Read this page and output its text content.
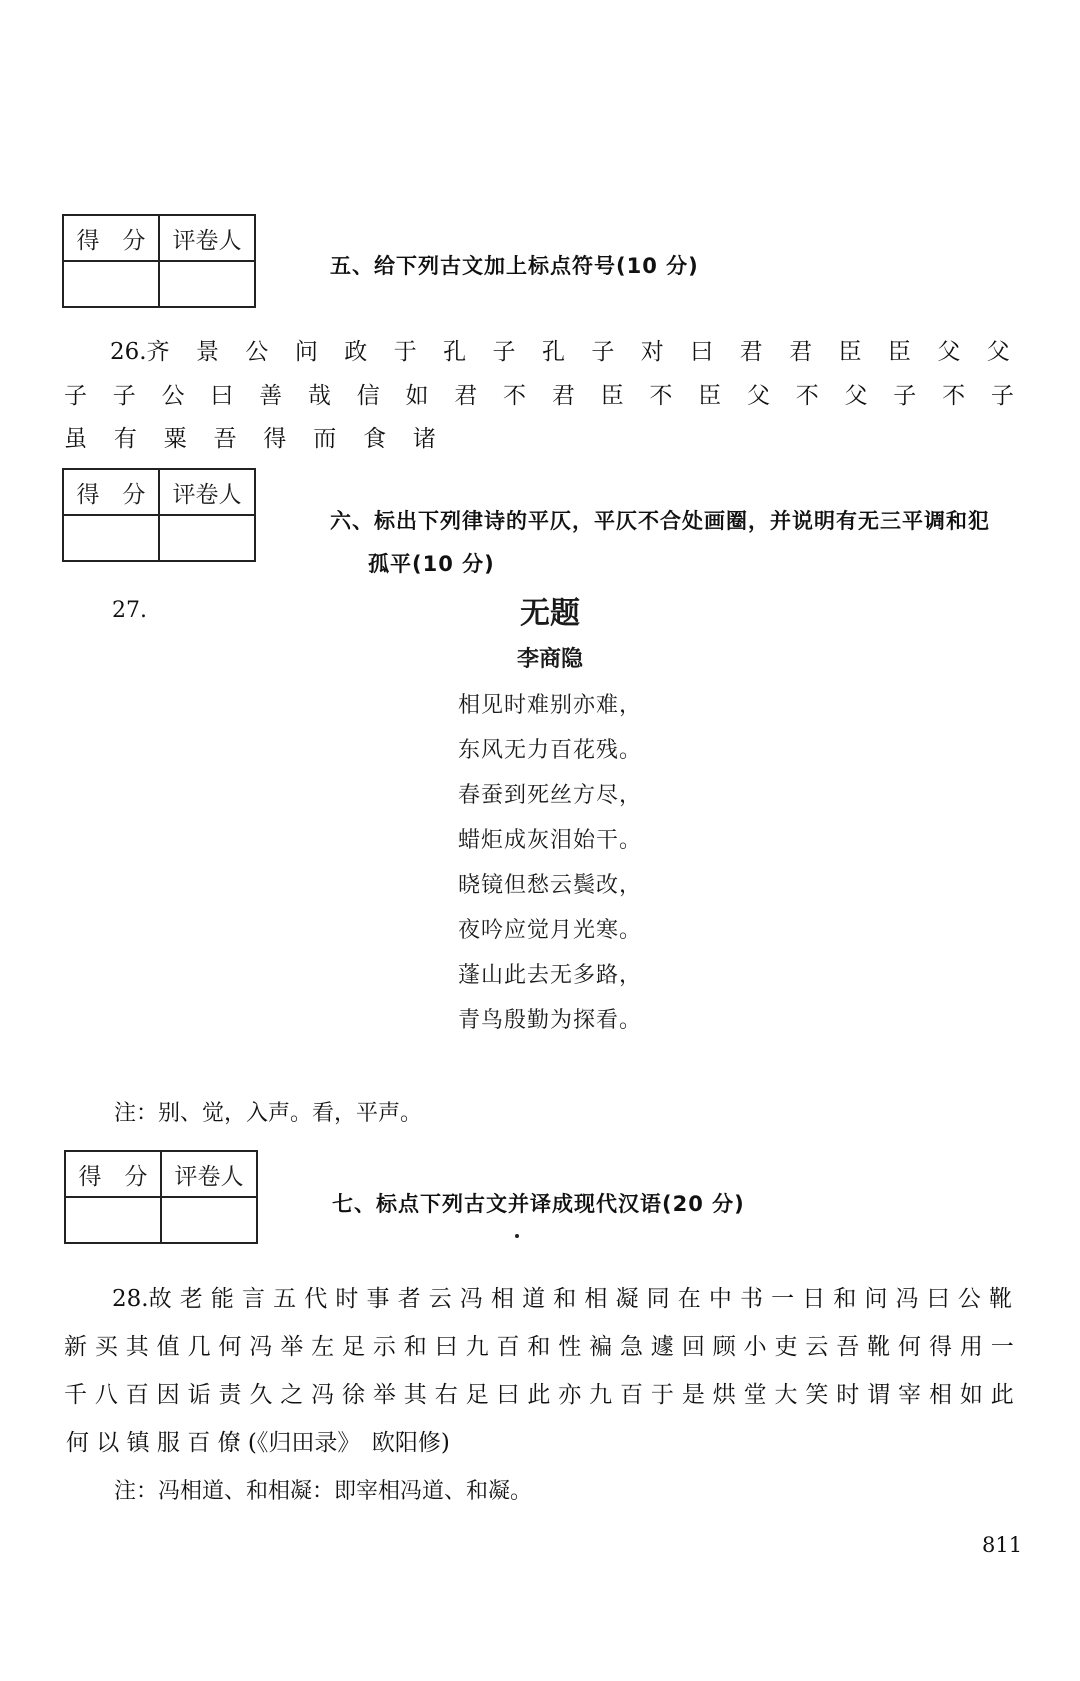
得　分	评卷人

五、给下列古文加上标点符号(10 分)
26.齐 景 公 问 政 于 孔 子 孔 子 对 曰 君 君 臣 臣 父 父
子 子 公 曰 善 哉 信 如 君 不 君 臣 不 臣 父 不 父 子 不 子
虽 有 粟 吾 得 而 食 诸
得　分	评卷人

六、标出下列律诗的平仄，平仄不合处画圈，并说明有无三平调和犯
孤平(10 分)
27.	无题
李商隐
相见时难别亦难，
东风无力百花残。
春蚕到死丝方尽，
蜡炬成灰泪始干。
晓镜但愁云鬓改，
夜吟应觉月光寒。
蓬山此去无多路，
青鸟殷勤为探看。
注：别、觉，入声。看，平声。
得　分	评卷人

七、标点下列古文并译成现代汉语(20 分)
28.故 老 能 言 五 代 时 事 者 云 冯 相 道 和 相 凝 同 在 中 书 一 日 和 问 冯 曰 公 靴
新 买 其 值 几 何 冯 举 左 足 示 和 曰 九 百 和 性 褊 急 遽 回 顾 小 吏 云 吾 靴 何 得 用 一
千 八 百 因 诟 责 久 之 冯 徐 举 其 右 足 曰 此 亦 九 百 于 是 烘 堂 大 笑 时 谓 宰 相 如 此
何 以 镇 服 百 僚 (《归田录》　欧阳修)
注：冯相道、和相凝：即宰相冯道、和凝。
811
